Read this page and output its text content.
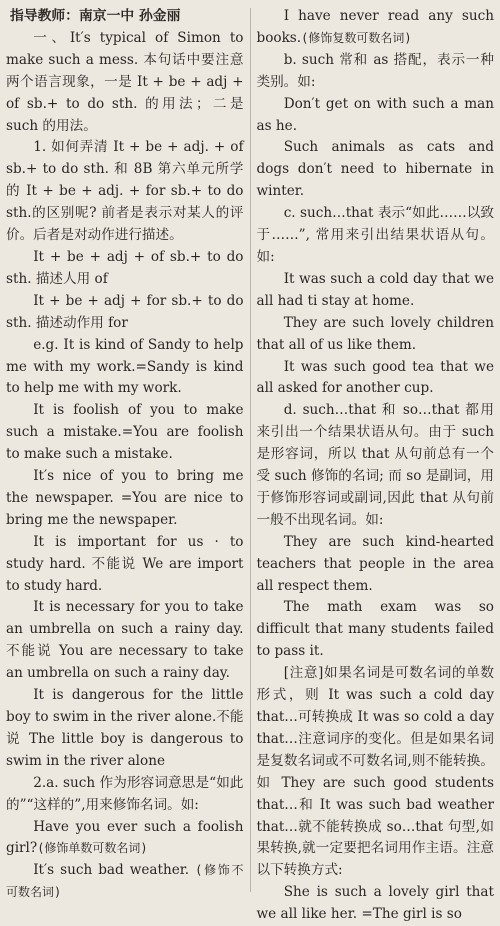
指导教师：南京一中 孙金丽

一、It′s typical of Simon to make such a mess. 本句话中要注意两个语言现象，一是 It + be + adj + of sb.+ to do sth. 的用法；二是 such 的用法。

1. 如何弄清 It + be + adj. + of sb.+ to do sth. 和 8B 第六单元所学的 It + be + adj. + for sb.+ to do sth.的区别呢? 前者是表示对某人的评价。后者是对动作进行描述。

It + be + adj + of sb.+ to do sth. 描述人用 of

It + be + adj + for sb.+ to do sth. 描述动作用 for

e.g. It is kind of Sandy to help me with my work.=Sandy is kind to help me with my work.

It is foolish of you to make such a mistake.=You are foolish to make such a mistake.

It′s nice of you to bring me the newspaper. =You are nice to bring me the newspaper.

It is important for us · to study hard. 不能说 We are import to study hard.

It is necessary for you to take an umbrella on such a rainy day. 不能说 You are necessary to take an umbrella on such a rainy day.

It is dangerous for the little boy to swim in the river alone.不能说 The little boy is dangerous to swim in the river alone

2.a. such 作为形容词意思是“如此的”“这样的”,用来修饰名词。如:

Have you ever such a foolish girl?(修饰单数可数名词)

It′s such bad weather. (修饰不可数名词)

I have never read any such books.(修饰复数可数名词)

b. such 常和 as 搭配，表示一种类别。如:

Don′t get on with such a man as he.

Such animals as cats and dogs don′t need to hibernate in winter.

c. such…that 表示“如此……以致于……”, 常用来引出结果状语从句。如:

It was such a cold day that we all had ti stay at home.

They are such lovely children that all of us like them.

It was such good tea that we all asked for another cup.

d. such…that 和 so…that 都用来引出一个结果状语从句。由于 such 是形容词，所以 that 从句前总有一个受 such 修饰的名词; 而 so 是副词，用于修饰形容词或副词,因此 that 从句前一般不出现名词。如:

They are such kind-hearted teachers that people in the area all respect them.

The math exam was so difficult that many students failed to pass it.

[注意]如果名词是可数名词的单数形式，则 It was such a cold day that…可转换成 It was so cold a day that…注意词序的变化。但是如果名词是复数名词或不可数名词,则不能转换。如 They are such good students that…和 It was such bad weather that…就不能转换成 so…that 句型,如果转换,就一定要把名词用作主语。注意以下转换方式:

She is such a lovely girl that we all like her. =The girl is so
